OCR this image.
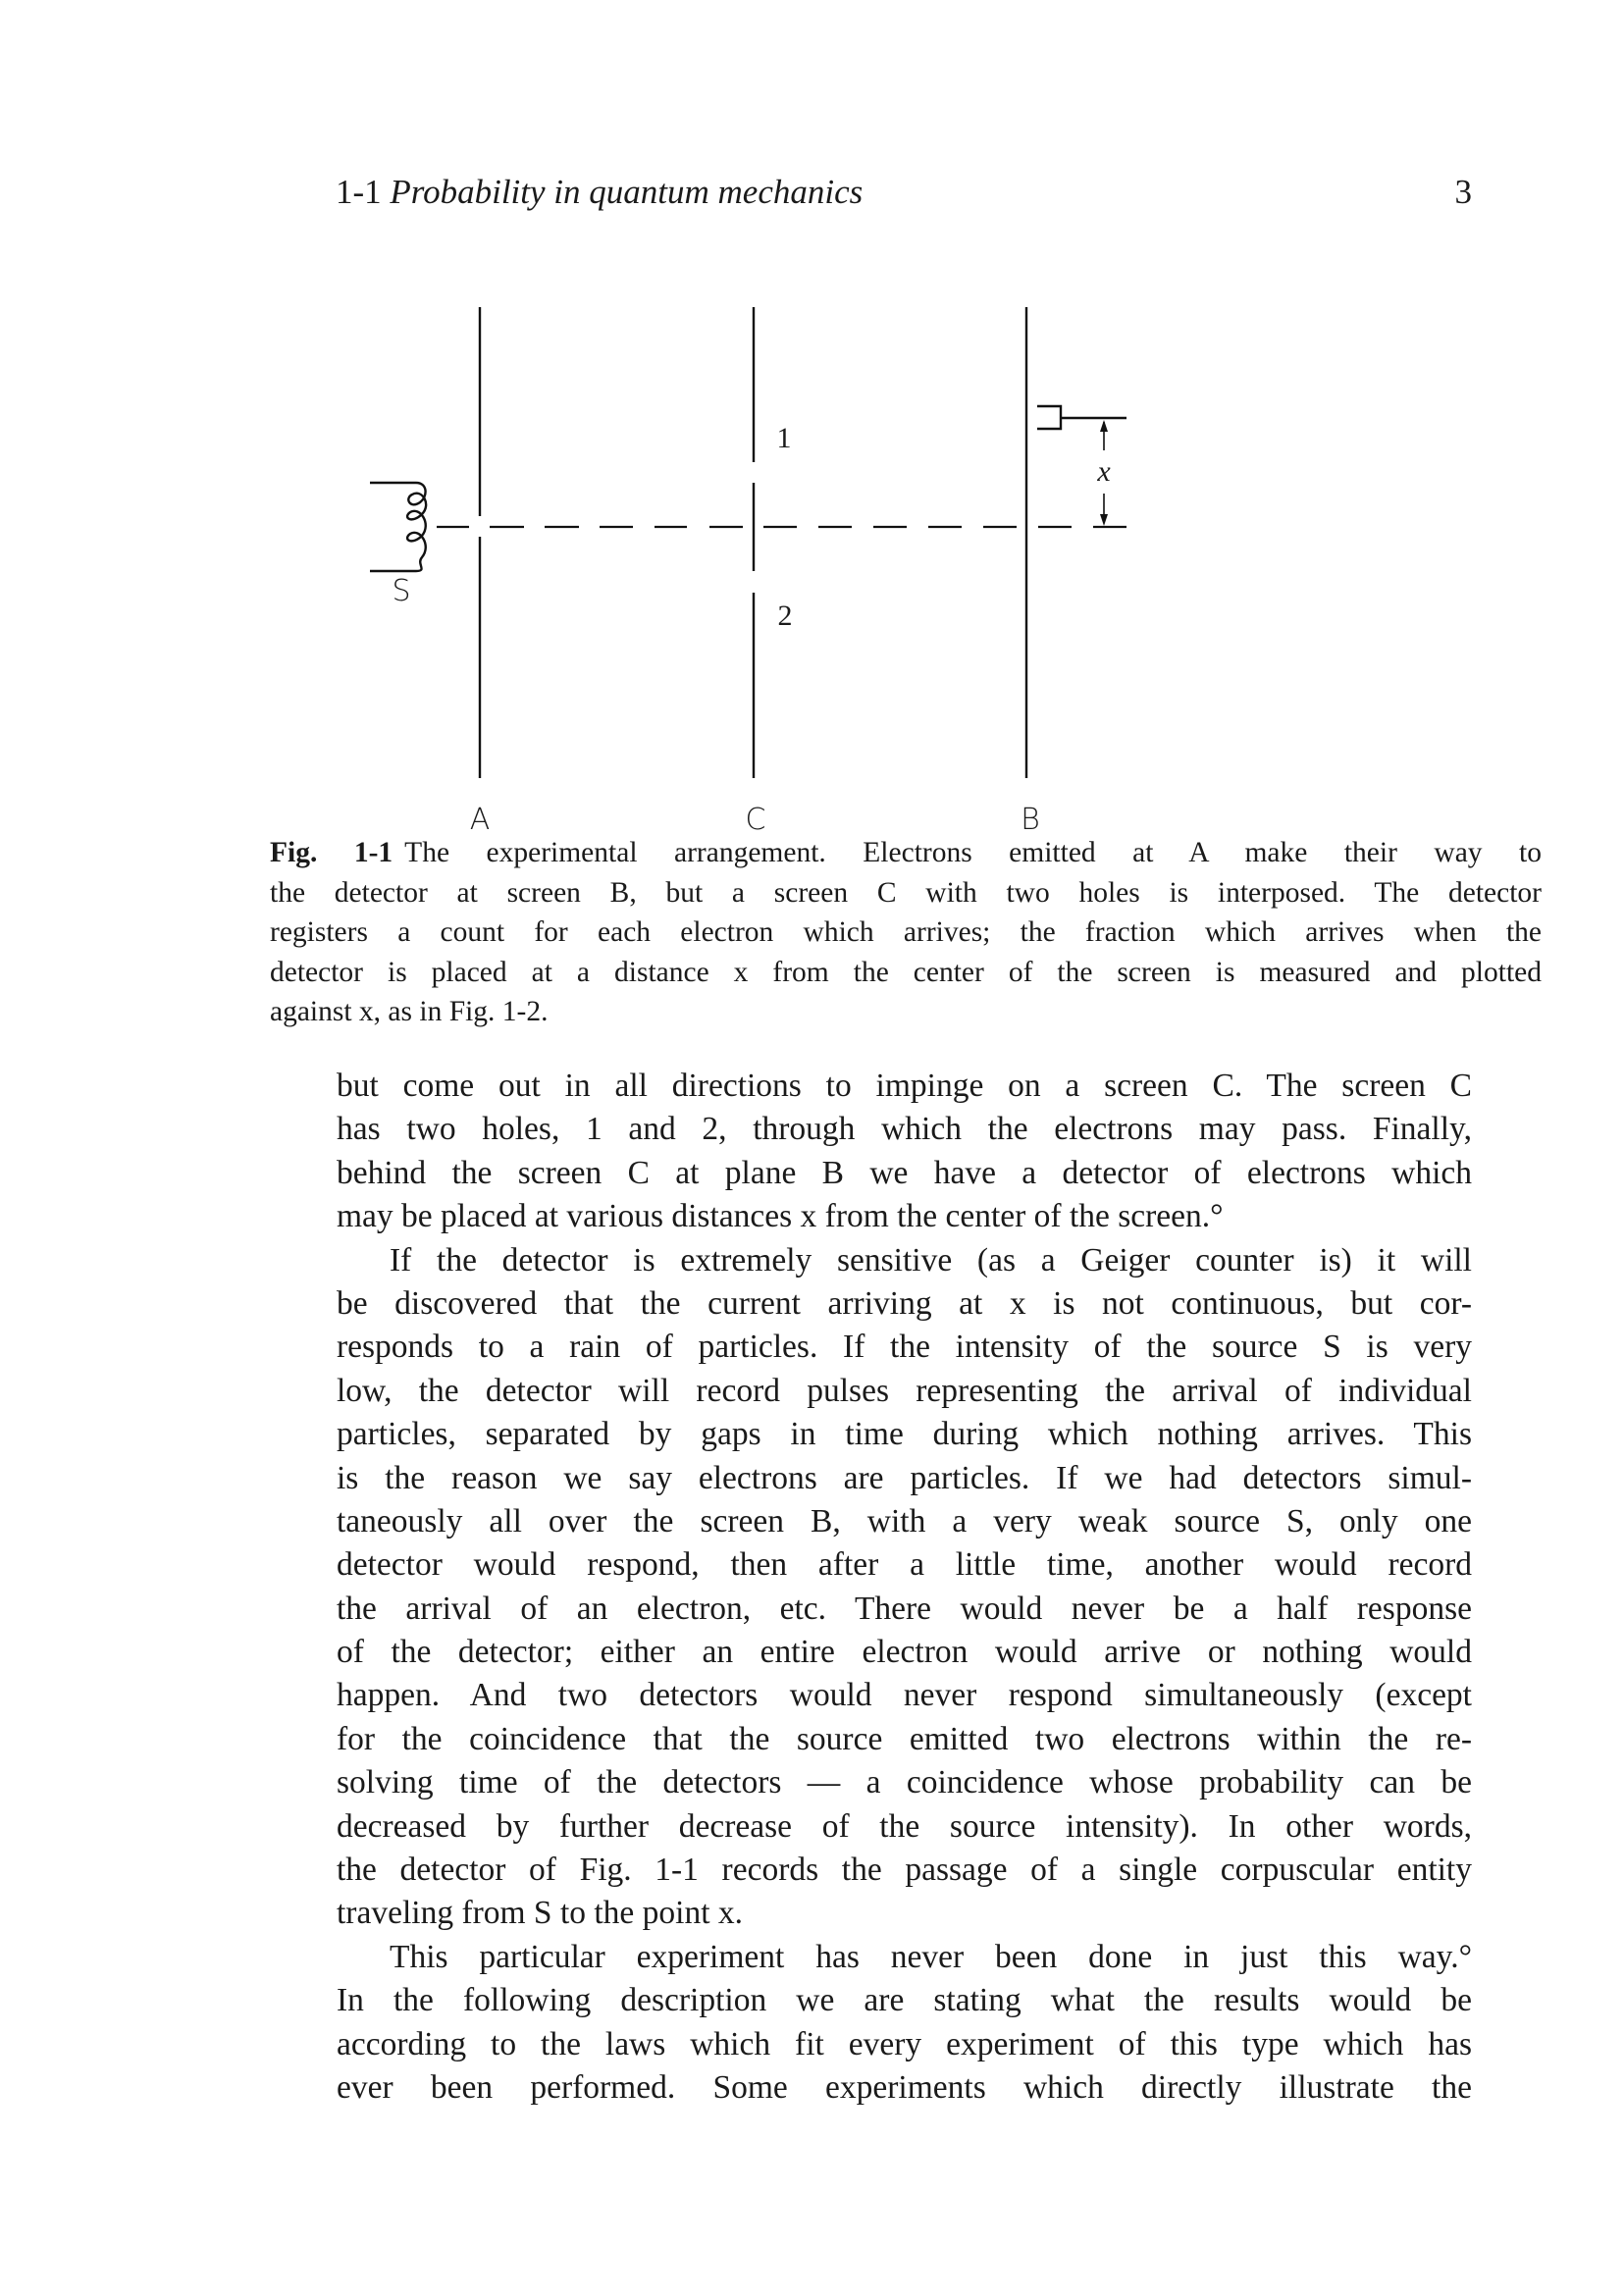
1-1 Probability in quantum mechanics	3
S
A	C	B
1
2
x
Fig. 1-1 The experimental arrangement. Electrons emitted at A make their way to
the detector at screen B, but a screen C with two holes is interposed. The detector
registers a count for each electron which arrives; the fraction which arrives when the
detector is placed at a distance x from the center of the screen is measured and plotted
against x, as in Fig. 1-2.
but come out in all directions to impinge on a screen C. The screen C
has two holes, 1 and 2, through which the electrons may pass. Finally,
behind the screen C at plane B we have a detector of electrons which
may be placed at various distances x from the center of the screen.°
If the detector is extremely sensitive (as a Geiger counter is) it will
be discovered that the current arriving at x is not continuous, but cor-
responds to a rain of particles. If the intensity of the source S is very
low, the detector will record pulses representing the arrival of individual
particles, separated by gaps in time during which nothing arrives. This
is the reason we say electrons are particles. If we had detectors simul-
taneously all over the screen B, with a very weak source S, only one
detector would respond, then after a little time, another would record
the arrival of an electron, etc. There would never be a half response
of the detector; either an entire electron would arrive or nothing would
happen. And two detectors would never respond simultaneously (except
for the coincidence that the source emitted two electrons within the re-
solving time of the detectors — a coincidence whose probability can be
decreased by further decrease of the source intensity). In other words,
the detector of Fig. 1-1 records the passage of a single corpuscular entity
traveling from S to the point x.
This particular experiment has never been done in just this way.°
In the following description we are stating what the results would be
according to the laws which fit every experiment of this type which has
ever been performed. Some experiments which directly illustrate the
